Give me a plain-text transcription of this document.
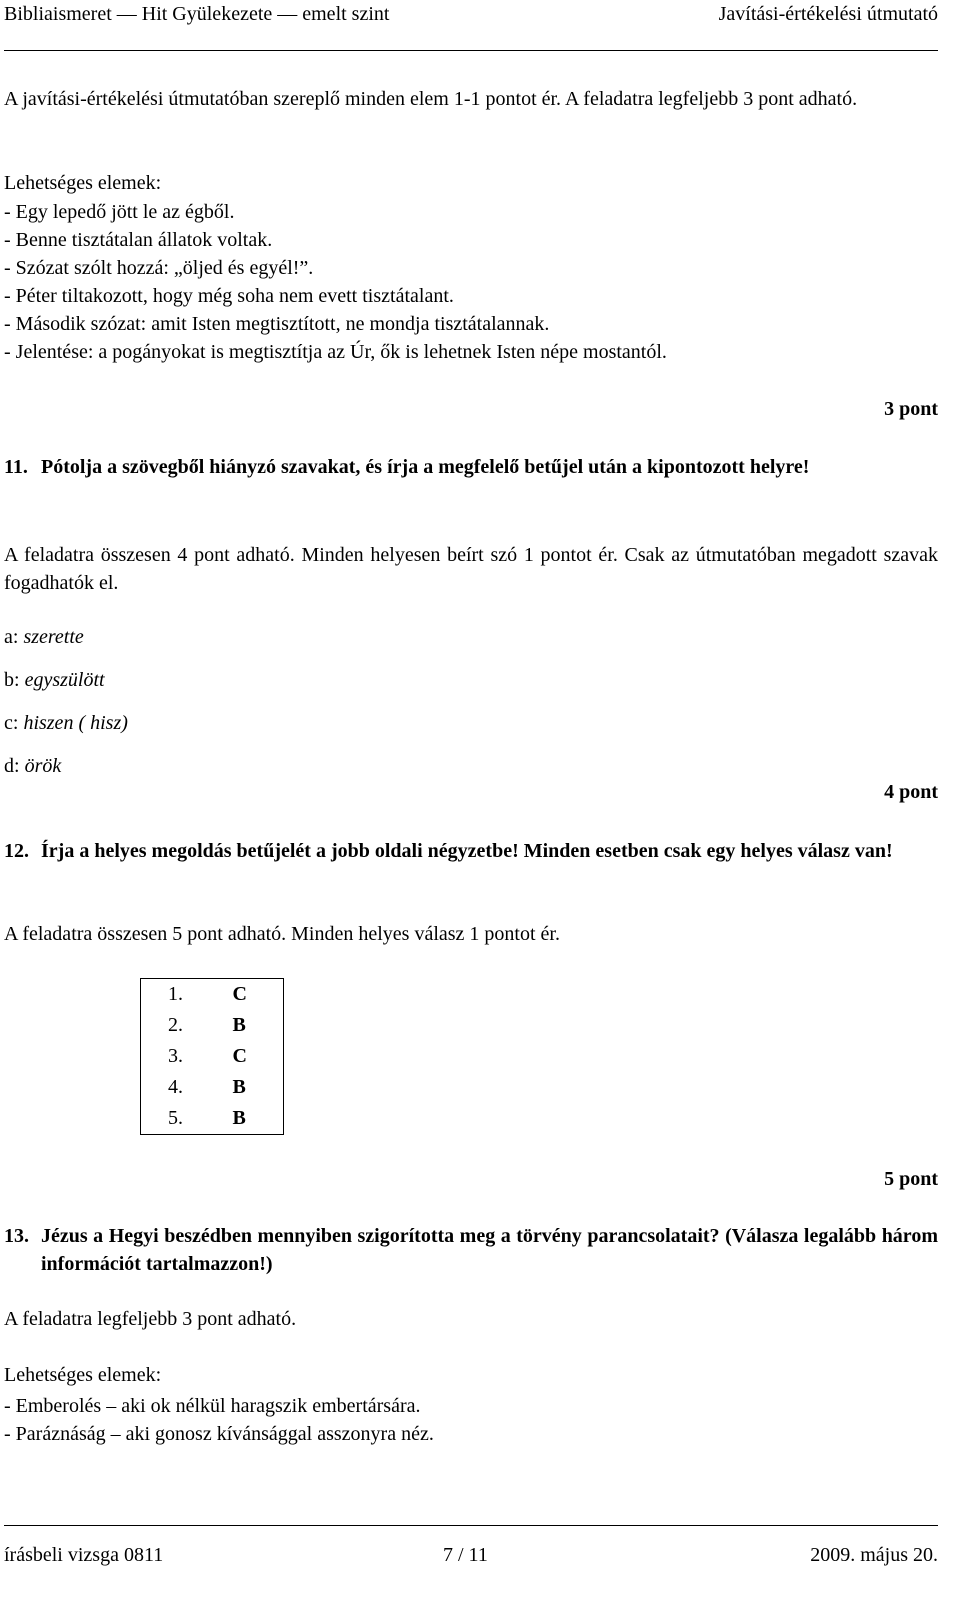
Bibliaismeret — Hit Gyülekezete — emelt szint	Javítási-értékelési útmutató
A javítási-értékelési útmutatóban szereplő minden elem 1-1 pontot ér. A feladatra legfeljebb 3 pont adható.
Lehetséges elemek:
- Egy lepedő jött le az égből.
- Benne tisztátalan állatok voltak.
- Szózat szólt hozzá: „öljed és egyél!”.
- Péter tiltakozott, hogy még soha nem evett tisztátalant.
- Második szózat: amit Isten megtisztított, ne mondja tisztátalannak.
- Jelentése: a pogányokat is megtisztítja az Úr, ők is lehetnek Isten népe mostantól.
3 pont
11. Pótolja a szövegből hiányzó szavakat, és írja a megfelelő betűjel után a kipontozott helyre!
A feladatra összesen 4 pont adható. Minden helyesen beírt szó 1 pontot ér. Csak az útmutatóban megadott szavak fogadhatók el.
a: szerette
b: egyszülött
c: hiszen ( hisz)
d: örök
4 pont
12. Írja a helyes megoldás betűjelét a jobb oldali négyzetbe! Minden esetben csak egy helyes válasz van!
A feladatra összesen 5 pont adható. Minden helyes válasz 1 pontot ér.
1.	C
2.	B
3.	C
4.	B
5.	B
5 pont
13. Jézus a Hegyi beszédben mennyiben szigorította meg a törvény parancsolatait? (Válasza legalább három információt tartalmazzon!)
A feladatra legfeljebb 3 pont adható.
Lehetséges elemek:
- Emberolés – aki ok nélkül haragszik embertársára.
- Paráznáság – aki gonosz kívánsággal asszonyra néz.
írásbeli vizsga 0811	7 / 11	2009. május 20.
